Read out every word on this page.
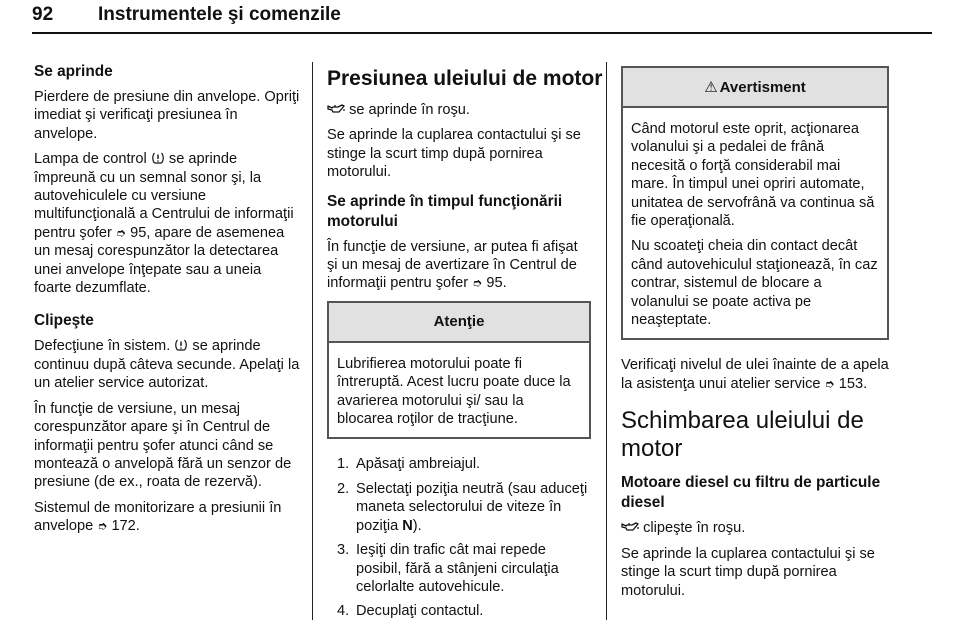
92	Instrumentele şi comenzile
Se aprinde

Pierdere de presiune din anvelope. Opriţi imediat şi verificaţi presiunea în anvelope.

Lampa de control se aprinde împreună cu un semnal sonor şi, la autovehiculele cu versiune multifuncţională a Centrului de informaţii pentru şofer ➮ 95, apare de asemenea un mesaj corespunzător la detectarea unei anvelope înţepate sau a uneia foarte dezumflate.

Clipeşte

Defecţiune în sistem. se aprinde continuu după câteva secunde. Apelaţi la un atelier service autorizat.

În funcţie de versiune, un mesaj corespunzător apare şi în Centrul de informaţii pentru şofer atunci când se montează o anvelopă fără un senzor de presiune (de ex., roata de rezervă).

Sistemul de monitorizare a presiunii în anvelope ➮ 172.

Presiunea uleiului de motor

se aprinde în roşu.

Se aprinde la cuplarea contactului şi se stinge la scurt timp după pornirea motorului.

Se aprinde în timpul funcţionării motorului

În funcţie de versiune, ar putea fi afişat şi un mesaj de avertizare în Centrul de informaţii pentru şofer ➮ 95.

Atenţie

Lubrifierea motorului poate fi întreruptă. Acest lucru poate duce la avarierea motorului şi/ sau la blocarea roţilor de tracţiune.

1. Apăsaţi ambreiajul.
2. Selectaţi poziţia neutră (sau aduceţi maneta selectorului de viteze în poziţia N).
3. Ieşiţi din trafic cât mai repede posibil, fără a stânjeni circulaţia celorlalte autovehicule.
4. Decuplaţi contactul.
⚠ Avertisment

Când motorul este oprit, acţionarea volanului şi a pedalei de frână necesită o forţă considerabil mai mare. În timpul unei opriri automate, unitatea de servofrână va continua să fie operaţională.

Nu scoateţi cheia din contact decât când autovehiculul staţionează, în caz contrar, sistemul de blocare a volanului se poate activa pe neaşteptate.

Verificaţi nivelul de ulei înainte de a apela la asistenţa unui atelier service ➮ 153.

Schimbarea uleiului de motor
Motoare diesel cu filtru de particule diesel

clipeşte în roşu.

Se aprinde la cuplarea contactului şi se stinge la scurt timp după pornirea motorului.
